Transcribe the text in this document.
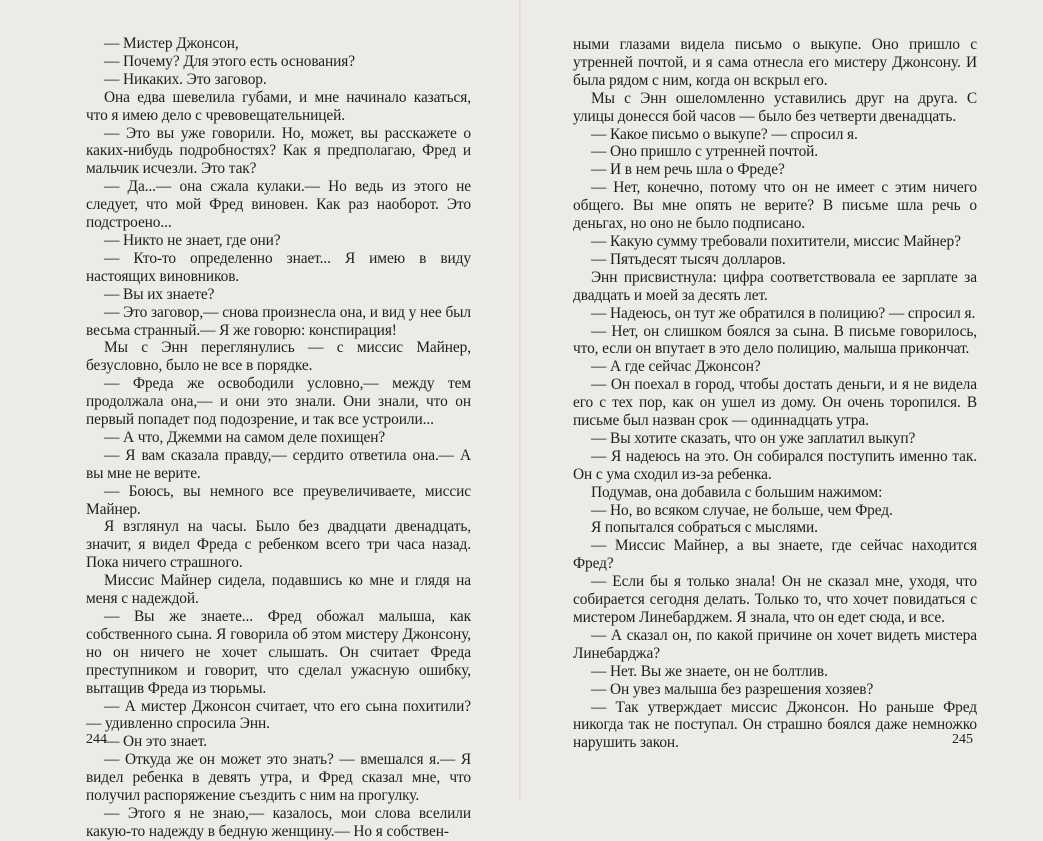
— Мистер Джонсон,

— Почему? Для этого есть основания?

— Никаких. Это заговор.

Она едва шевелила губами, и мне начинало казаться, что я имею дело с чревовещательницей.

— Это вы уже говорили. Но, может, вы расскажете о каких-нибудь подробностях? Как я предполагаю, Фред и мальчик исчезли. Это так?

— Да...— она сжала кулаки.— Но ведь из этого не следует, что мой Фред виновен. Как раз наоборот. Это подстроено...

— Никто не знает, где они?

— Кто-то определенно знает... Я имею в виду настоящих виновников.

— Вы их знаете?

— Это заговор,— снова произнесла она, и вид у нее был весьма странный.— Я же говорю: конспирация!

Мы с Энн переглянулись — с миссис Майнер, безусловно, было не все в порядке.

— Фреда же освободили условно,— между тем продолжала она,— и они это знали. Они знали, что он первый попадет под подозрение, и так все устроили...

— А что, Джемми на самом деле похищен?

— Я вам сказала правду,— сердито ответила она.— А вы мне не верите.

— Боюсь, вы немного все преувеличиваете, миссис Майнер.

Я взглянул на часы. Было без двадцати двенадцать, значит, я видел Фреда с ребенком всего три часа назад. Пока ничего страшного.

Миссис Майнер сидела, подавшись ко мне и глядя на меня с надеждой.

— Вы же знаете... Фред обожал малыша, как собственного сына. Я говорила об этом мистеру Джонсону, но он ничего не хочет слышать. Он считает Фреда преступником и говорит, что сделал ужасную ошибку, вытащив Фреда из тюрьмы.

— А мистер Джонсон считает, что его сына похитили? — удивленно спросила Энн.

— Он это знает.

— Откуда же он может это знать? — вмешался я.— Я видел ребенка в девять утра, и Фред сказал мне, что получил распоряжение съездить с ним на прогулку.

— Этого я не знаю,— казалось, мои слова вселили какую-то надежду в бедную женщину.— Но я собствен-

244

ными глазами видела письмо о выкупе. Оно пришло с утренней почтой, и я сама отнесла его мистеру Джонсону. И была рядом с ним, когда он вскрыл его.

Мы с Энн ошеломленно уставились друг на друга. С улицы донесся бой часов — было без четверти двенадцать.

— Какое письмо о выкупе? — спросил я.

— Оно пришло с утренней почтой.

— И в нем речь шла о Фреде?

— Нет, конечно, потому что он не имеет с этим ничего общего. Вы мне опять не верите? В письме шла речь о деньгах, но оно не было подписано.

— Какую сумму требовали похитители, миссис Майнер?

— Пятьдесят тысяч долларов.

Энн присвистнула: цифра соответствовала ее зарплате за двадцать и моей за десять лет.

— Надеюсь, он тут же обратился в полицию? — спросил я.

— Нет, он слишком боялся за сына. В письме говорилось, что, если он впутает в это дело полицию, малыша прикончат.

— А где сейчас Джонсон?

— Он поехал в город, чтобы достать деньги, и я не видела его с тех пор, как он ушел из дому. Он очень торопился. В письме был назван срок — одиннадцать утра.

— Вы хотите сказать, что он уже заплатил выкуп?

— Я надеюсь на это. Он собирался поступить именно так. Он с ума сходил из-за ребенка.

Подумав, она добавила с большим нажимом:

— Но, во всяком случае, не больше, чем Фред.

Я попытался собраться с мыслями.

— Миссис Майнер, а вы знаете, где сейчас находится Фред?

— Если бы я только знала! Он не сказал мне, уходя, что собирается сегодня делать. Только то, что хочет повидаться с мистером Линебарджем. Я знала, что он едет сюда, и все.

— А сказал он, по какой причине он хочет видеть мистера Линебарджа?

— Нет. Вы же знаете, он не болтлив.

— Он увез малыша без разрешения хозяев?

— Так утверждает миссис Джонсон. Но раньше Фред никогда так не поступал. Он страшно боялся даже немножко нарушить закон.	245
